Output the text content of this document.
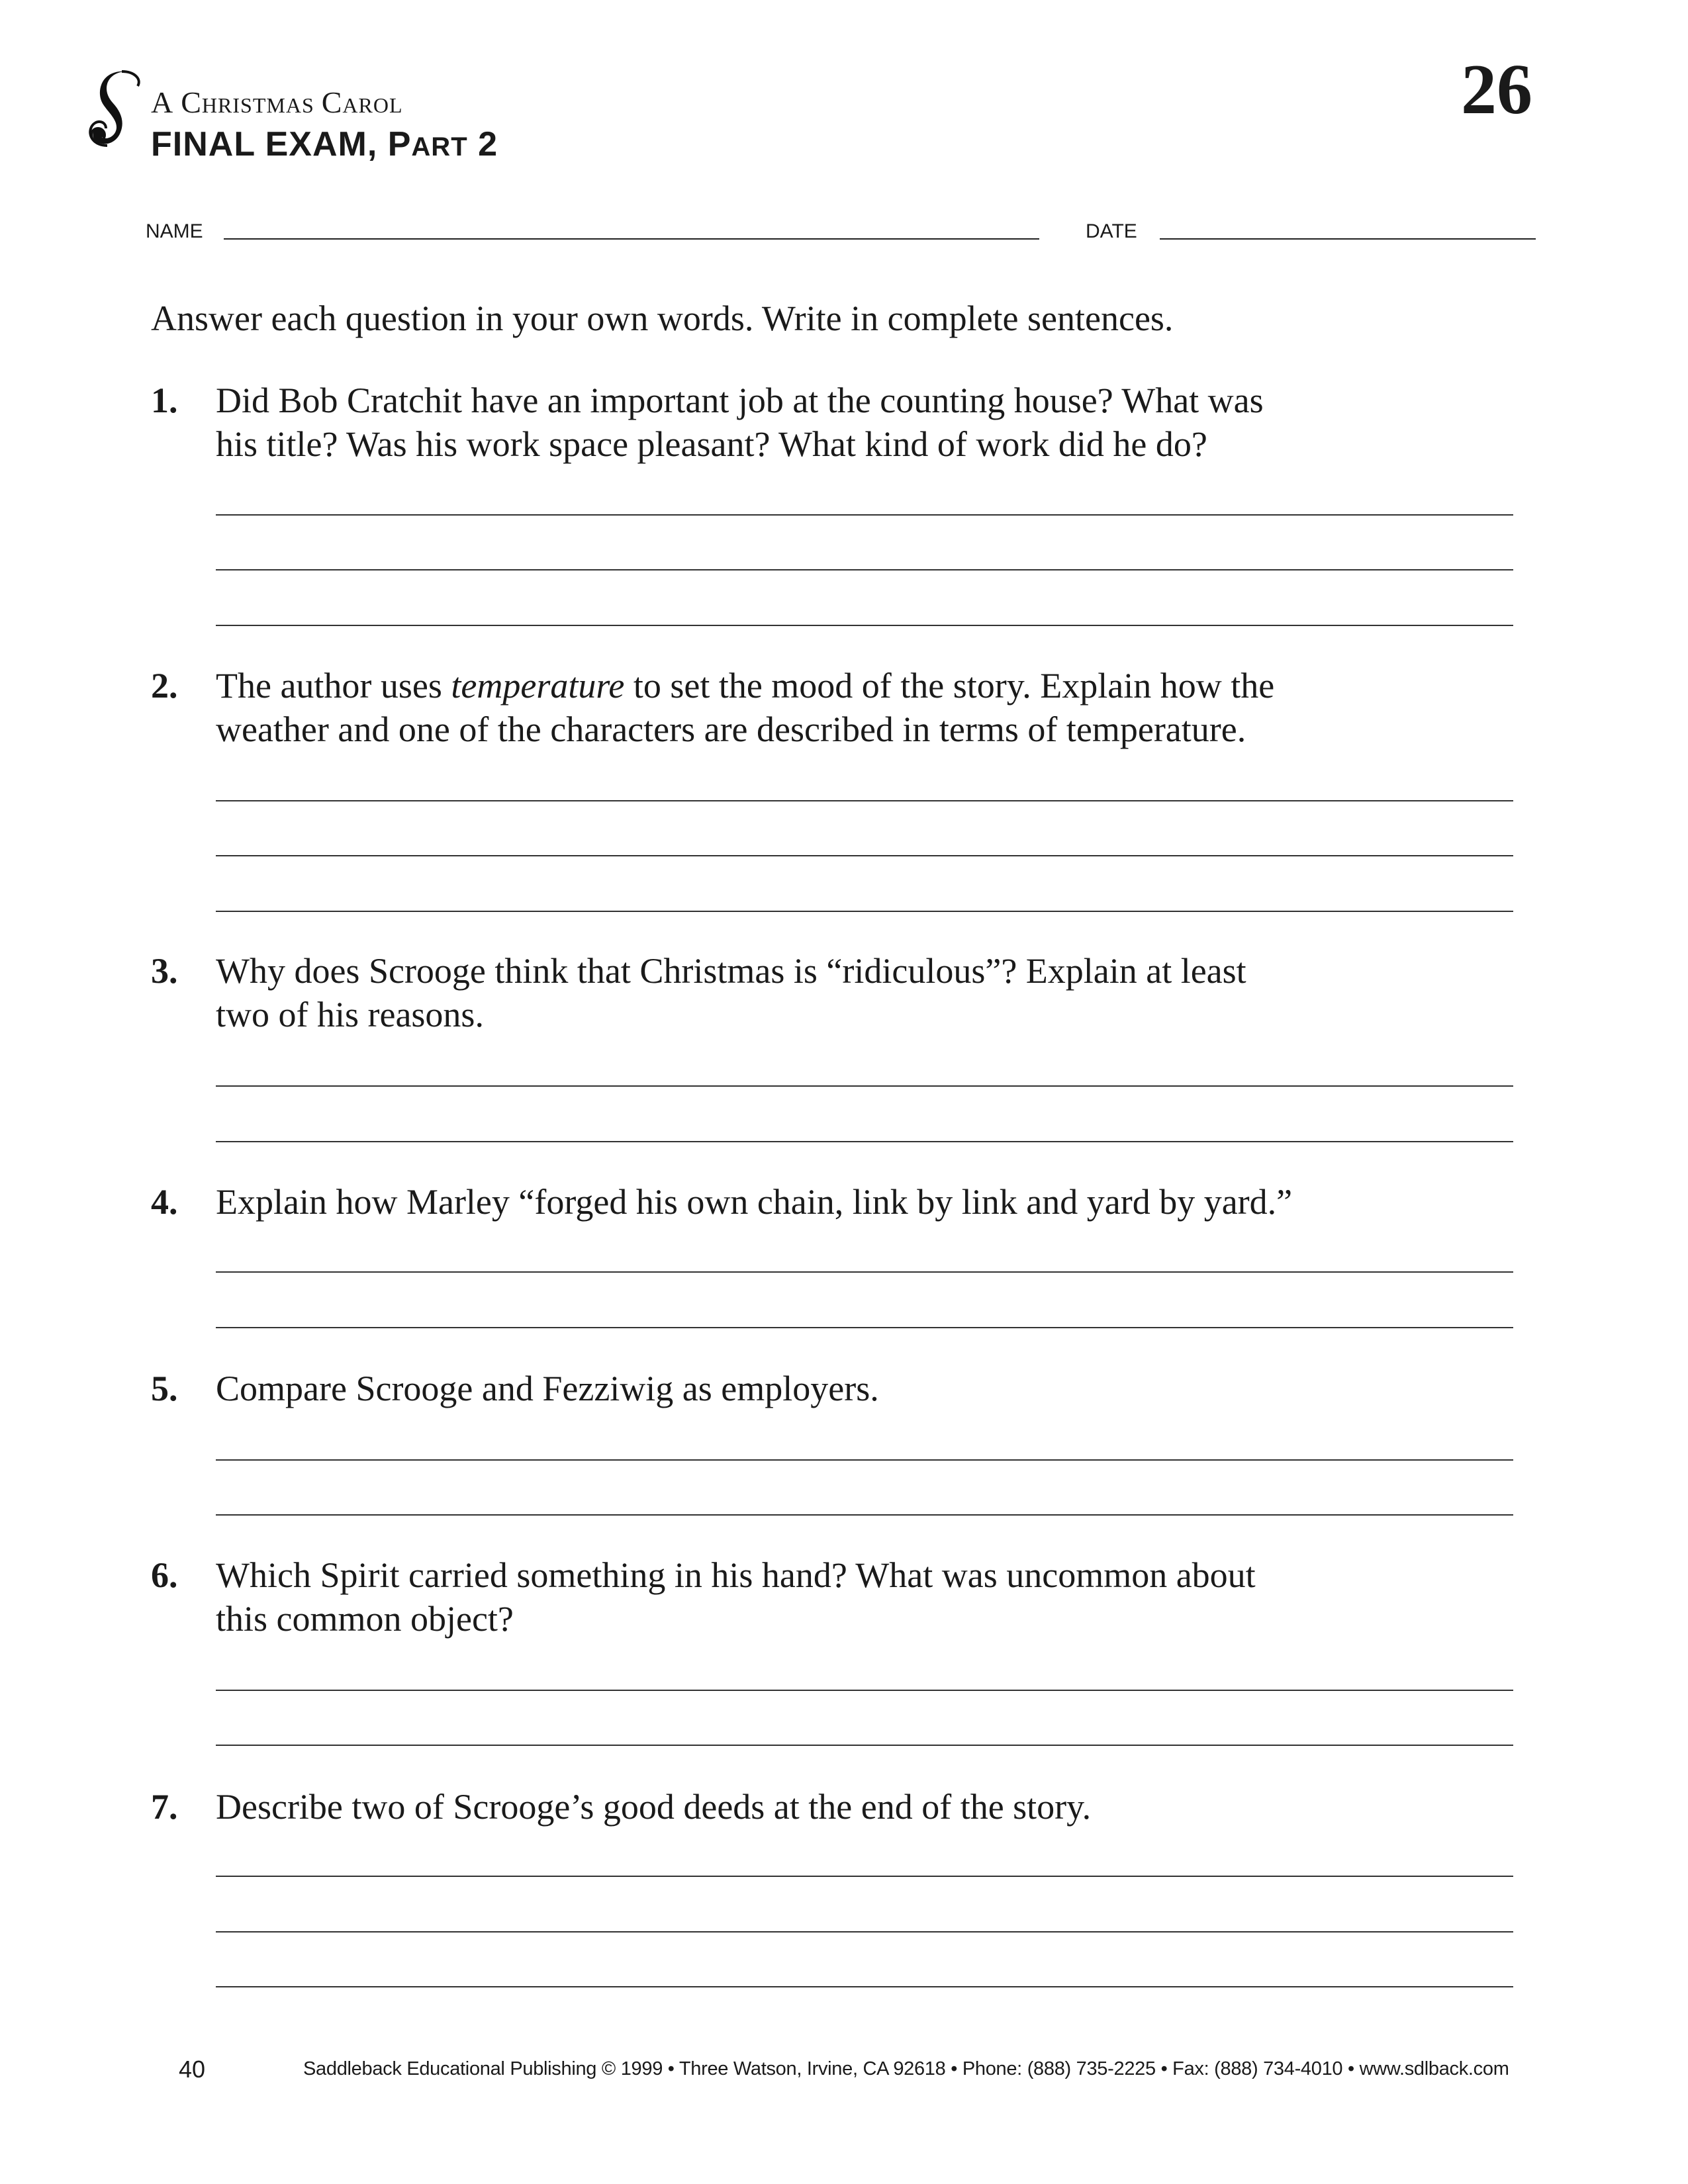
A CHRISTMAS CAROL
FINAL EXAM, PART 2
26
NAME	DATE
Answer each question in your own words. Write in complete sentences.
1. Did Bob Cratchit have an important job at the counting house? What was
his title? Was his work space pleasant? What kind of work did he do?
2. The author uses temperature to set the mood of the story. Explain how the
weather and one of the characters are described in terms of temperature.
3. Why does Scrooge think that Christmas is “ridiculous”? Explain at least
two of his reasons.
4. Explain how Marley “forged his own chain, link by link and yard by yard.”
5. Compare Scrooge and Fezziwig as employers.
6. Which Spirit carried something in his hand? What was uncommon about
this common object?
7. Describe two of Scrooge’s good deeds at the end of the story.
40	Saddleback Educational Publishing © 1999 • Three Watson, Irvine, CA 92618 • Phone: (888) 735-2225 • Fax: (888) 734-4010 • www.sdlback.com
